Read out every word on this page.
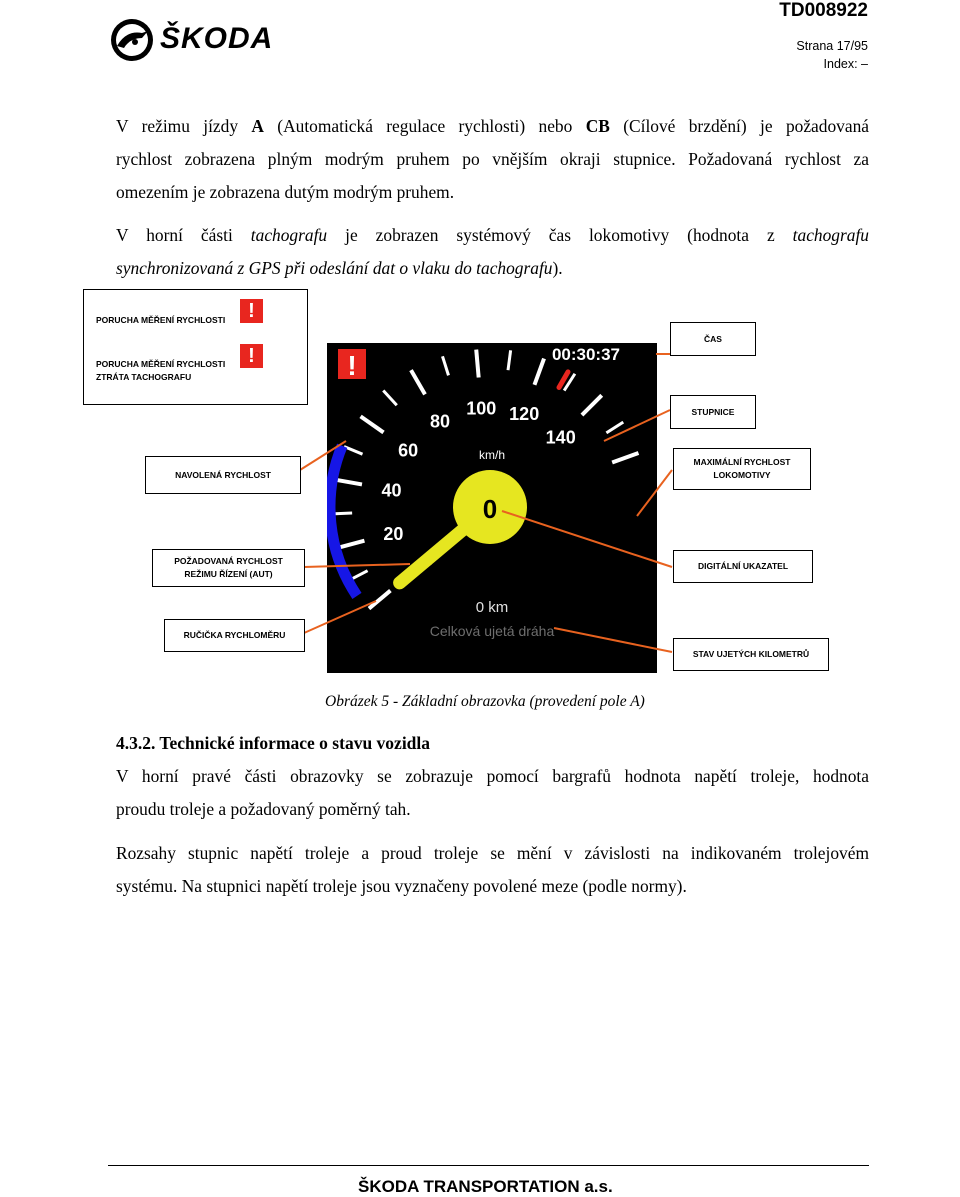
ŠKODA
TD008922
Strana 17/95
Index: –
V režimu jízdy A (Automatická regulace rychlosti) nebo CB (Cílové brzdění) je požadovaná
rychlost zobrazena plným modrým pruhem po vnějším okraji stupnice. Požadovaná rychlost za
omezením je zobrazena dutým modrým pruhem.
V horní části tachografu je zobrazen systémový čas lokomotivy (hodnota z tachografu
synchronizovaná z GPS při odeslání dat o vlaku do tachografu).
PORUCHA MĚŘENÍ RYCHLOSTI	!
PORUCHA MĚŘENÍ RYCHLOSTI
ZTRÁTA TACHOGRAFU
!
20
40
60
80
100 120
140
0
km/h
00:30:37
!
0 km
Celková ujetá dráha
ČAS
STUPNICE
NAVOLENÁ RYCHLOST
MAXIMÁLNÍ RYCHLOST
LOKOMOTIVY
POŽADOVANÁ RYCHLOST
REŽIMU ŘÍZENÍ (AUT)
DIGITÁLNÍ UKAZATEL
RUČIČKA RYCHLOMĚRU
STAV UJETÝCH KILOMETRŮ
Obrázek 5 - Základní obrazovka (provedení pole A)
4.3.2. Technické informace o stavu vozidla
V horní pravé části obrazovky se zobrazuje pomocí bargrafů hodnota napětí troleje, hodnota
proudu troleje a požadovaný poměrný tah.
Rozsahy stupnic napětí troleje a proud troleje se mění v závislosti na indikovaném trolejovém
systému. Na stupnici napětí troleje jsou vyznačeny povolené meze (podle normy).
ŠKODA TRANSPORTATION a.s.
